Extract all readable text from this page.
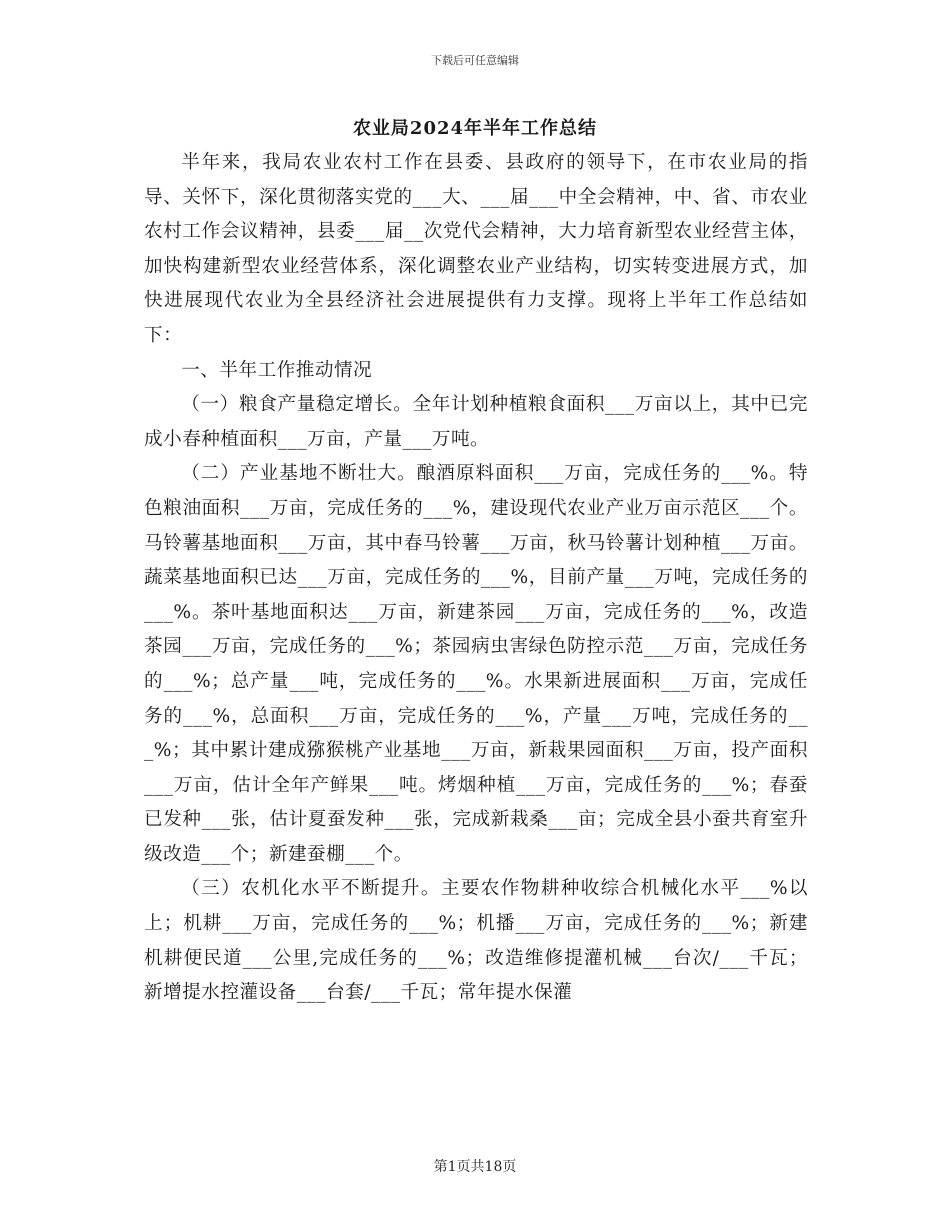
下载后可任意编辑
农业局2024年半年工作总结

半年来，我局农业农村工作在县委、县政府的领导下，在市农业局的指导、关怀下，深化贯彻落实党的___大、___届___中全会精神，中、省、市农业农村工作会议精神，县委___届__次党代会精神，大力培育新型农业经营主体，加快构建新型农业经营体系，深化调整农业产业结构，切实转变进展方式，加快进展现代农业为全县经济社会进展提供有力支撑。现将上半年工作总结如下：

一、半年工作推动情况

（一）粮食产量稳定增长。全年计划种植粮食面积___万亩以上，其中已完成小春种植面积___万亩，产量___万吨。

（二）产业基地不断壮大。酿酒原料面积___万亩，完成任务的___%。特色粮油面积___万亩，完成任务的___%，建设现代农业产业万亩示范区___个。马铃薯基地面积___万亩，其中春马铃薯___万亩，秋马铃薯计划种植___万亩。蔬菜基地面积已达___万亩，完成任务的___%，目前产量___万吨，完成任务的___%。茶叶基地面积达___万亩，新建茶园___万亩，完成任务的___%，改造茶园___万亩，完成任务的___%；茶园病虫害绿色防控示范___万亩，完成任务的___%；总产量___吨，完成任务的___%。水果新进展面积___万亩，完成任务的___%，总面积___万亩，完成任务的___%，产量___万吨，完成任务的___%；其中累计建成猕猴桃产业基地___万亩，新栽果园面积___万亩，投产面积___万亩，估计全年产鲜果___吨。烤烟种植___万亩，完成任务的___%；春蚕已发种___张，估计夏蚕发种___张，完成新栽桑___亩；完成全县小蚕共育室升级改造___个；新建蚕棚___个。

（三）农机化水平不断提升。主要农作物耕种收综合机械化水平___%以上；机耕___万亩，完成任务的___%；机播___万亩，完成任务的___%；新建机耕便民道___公里,完成任务的___%；改造维修提灌机械___台次/___千瓦；新增提水控灌设备___台套/___千瓦；常年提水保灌

第1页共18页
